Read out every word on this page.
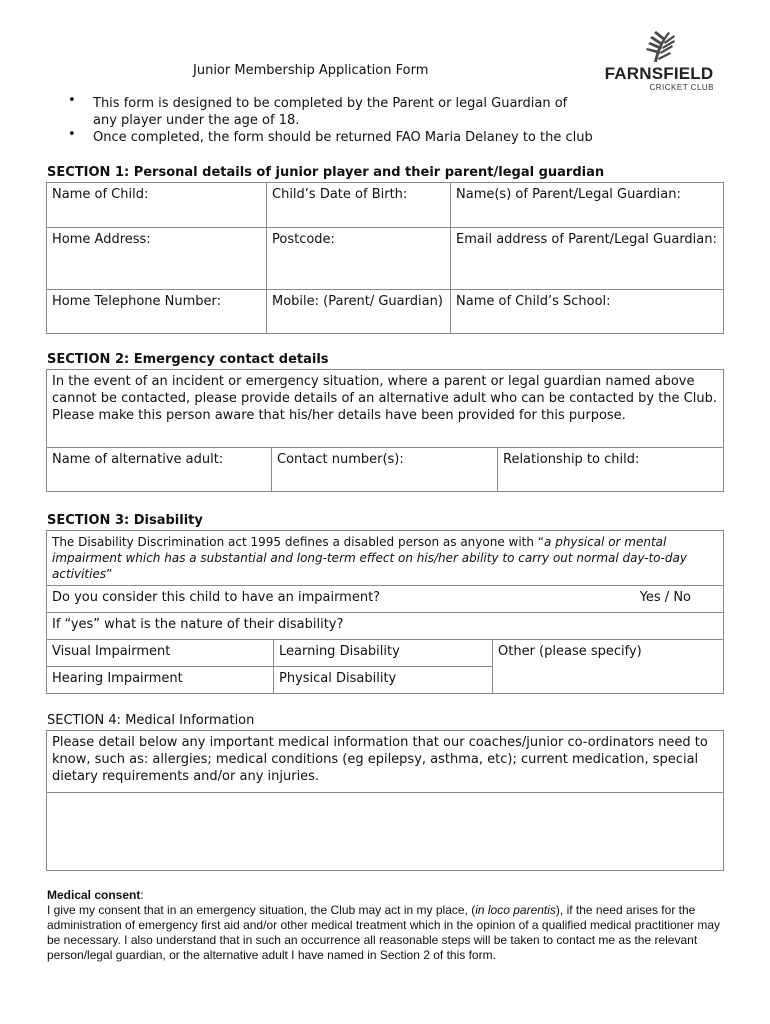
Junior Membership Application Form	FARNSFIELD
CRICKET CLUB
• This form is designed to be completed by the Parent or legal Guardian of any player under the age of 18.
• Once completed, the form should be returned FAO Maria Delaney to the club
SECTION 1: Personal details of junior player and their parent/legal guardian
Name of Child:	Child’s Date of Birth:	Name(s) of Parent/Legal Guardian:
Home Address:	Postcode:	Email address of Parent/Legal Guardian:
Home Telephone Number:	Mobile: (Parent/ Guardian)	Name of Child’s School:
SECTION 2: Emergency contact details
In the event of an incident or emergency situation, where a parent or legal guardian named above cannot be contacted, please provide details of an alternative adult who can be contacted by the Club. Please make this person aware that his/her details have been provided for this purpose.
Name of alternative adult:	Contact number(s):	Relationship to child:
SECTION 3: Disability
The Disability Discrimination act 1995 defines a disabled person as anyone with “a physical or mental impairment which has a substantial and long-term effect on his/her ability to carry out normal day-to-day activities”		
Do you consider this child to have an impairment? Yes / No		

If “yes” what is the nature of their disability?		
Visual Impairment	Learning Disability	Other (please specify)
Hearing Impairment	Physical Disability	
SECTION 4: Medical Information
Please detail below any important medical information that our coaches/junior co-ordinators need to know, such as: allergies; medical conditions (eg epilepsy, asthma, etc); current medication, special dietary requirements and/or any injuries.

Medical consent:
I give my consent that in an emergency situation, the Club may act in my place, (in loco parentis), if the need arises for the administration of emergency first aid and/or other medical treatment which in the opinion of a qualified medical practitioner may be necessary. I also understand that in such an occurrence all reasonable steps will be taken to contact me as the relevant person/legal guardian, or the alternative adult I have named in Section 2 of this form.
